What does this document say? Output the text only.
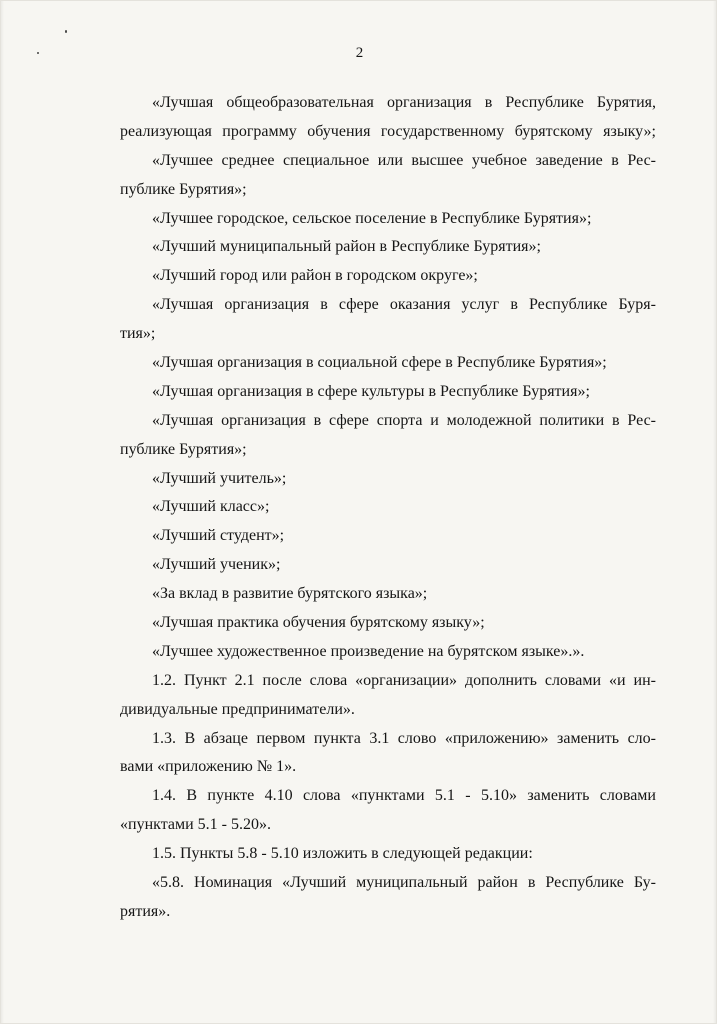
2
«Лучшая общеобразовательная организация в Республике Бурятия,
реализующая программу обучения государственному бурятскому языку»;
«Лучшее среднее специальное или высшее учебное заведение в Рес-
публике Бурятия»;
«Лучшее городское, сельское поселение в Республике Бурятия»;
«Лучший муниципальный район в Республике Бурятия»;
«Лучший город или район в городском округе»;
«Лучшая организация в сфере оказания услуг в Республике Буря-
тия»;
«Лучшая организация в социальной сфере в Республике Бурятия»;
«Лучшая организация в сфере культуры в Республике Бурятия»;
«Лучшая организация в сфере спорта и молодежной политики в Рес-
публике Бурятия»;
«Лучший учитель»;
«Лучший класс»;
«Лучший студент»;
«Лучший ученик»;
«За вклад в развитие бурятского языка»;
«Лучшая практика обучения бурятскому языку»;
«Лучшее художественное произведение на бурятском языке».».
1.2. Пункт 2.1 после слова «организации» дополнить словами «и ин-
дивидуальные предприниматели».
1.3. В абзаце первом пункта 3.1 слово «приложению» заменить сло-
вами «приложению № 1».
1.4. В пункте 4.10 слова «пунктами 5.1 - 5.10» заменить словами
«пунктами 5.1 - 5.20».
1.5. Пункты 5.8 - 5.10 изложить в следующей редакции:
«5.8. Номинация «Лучший муниципальный район в Республике Бу-
рятия».
